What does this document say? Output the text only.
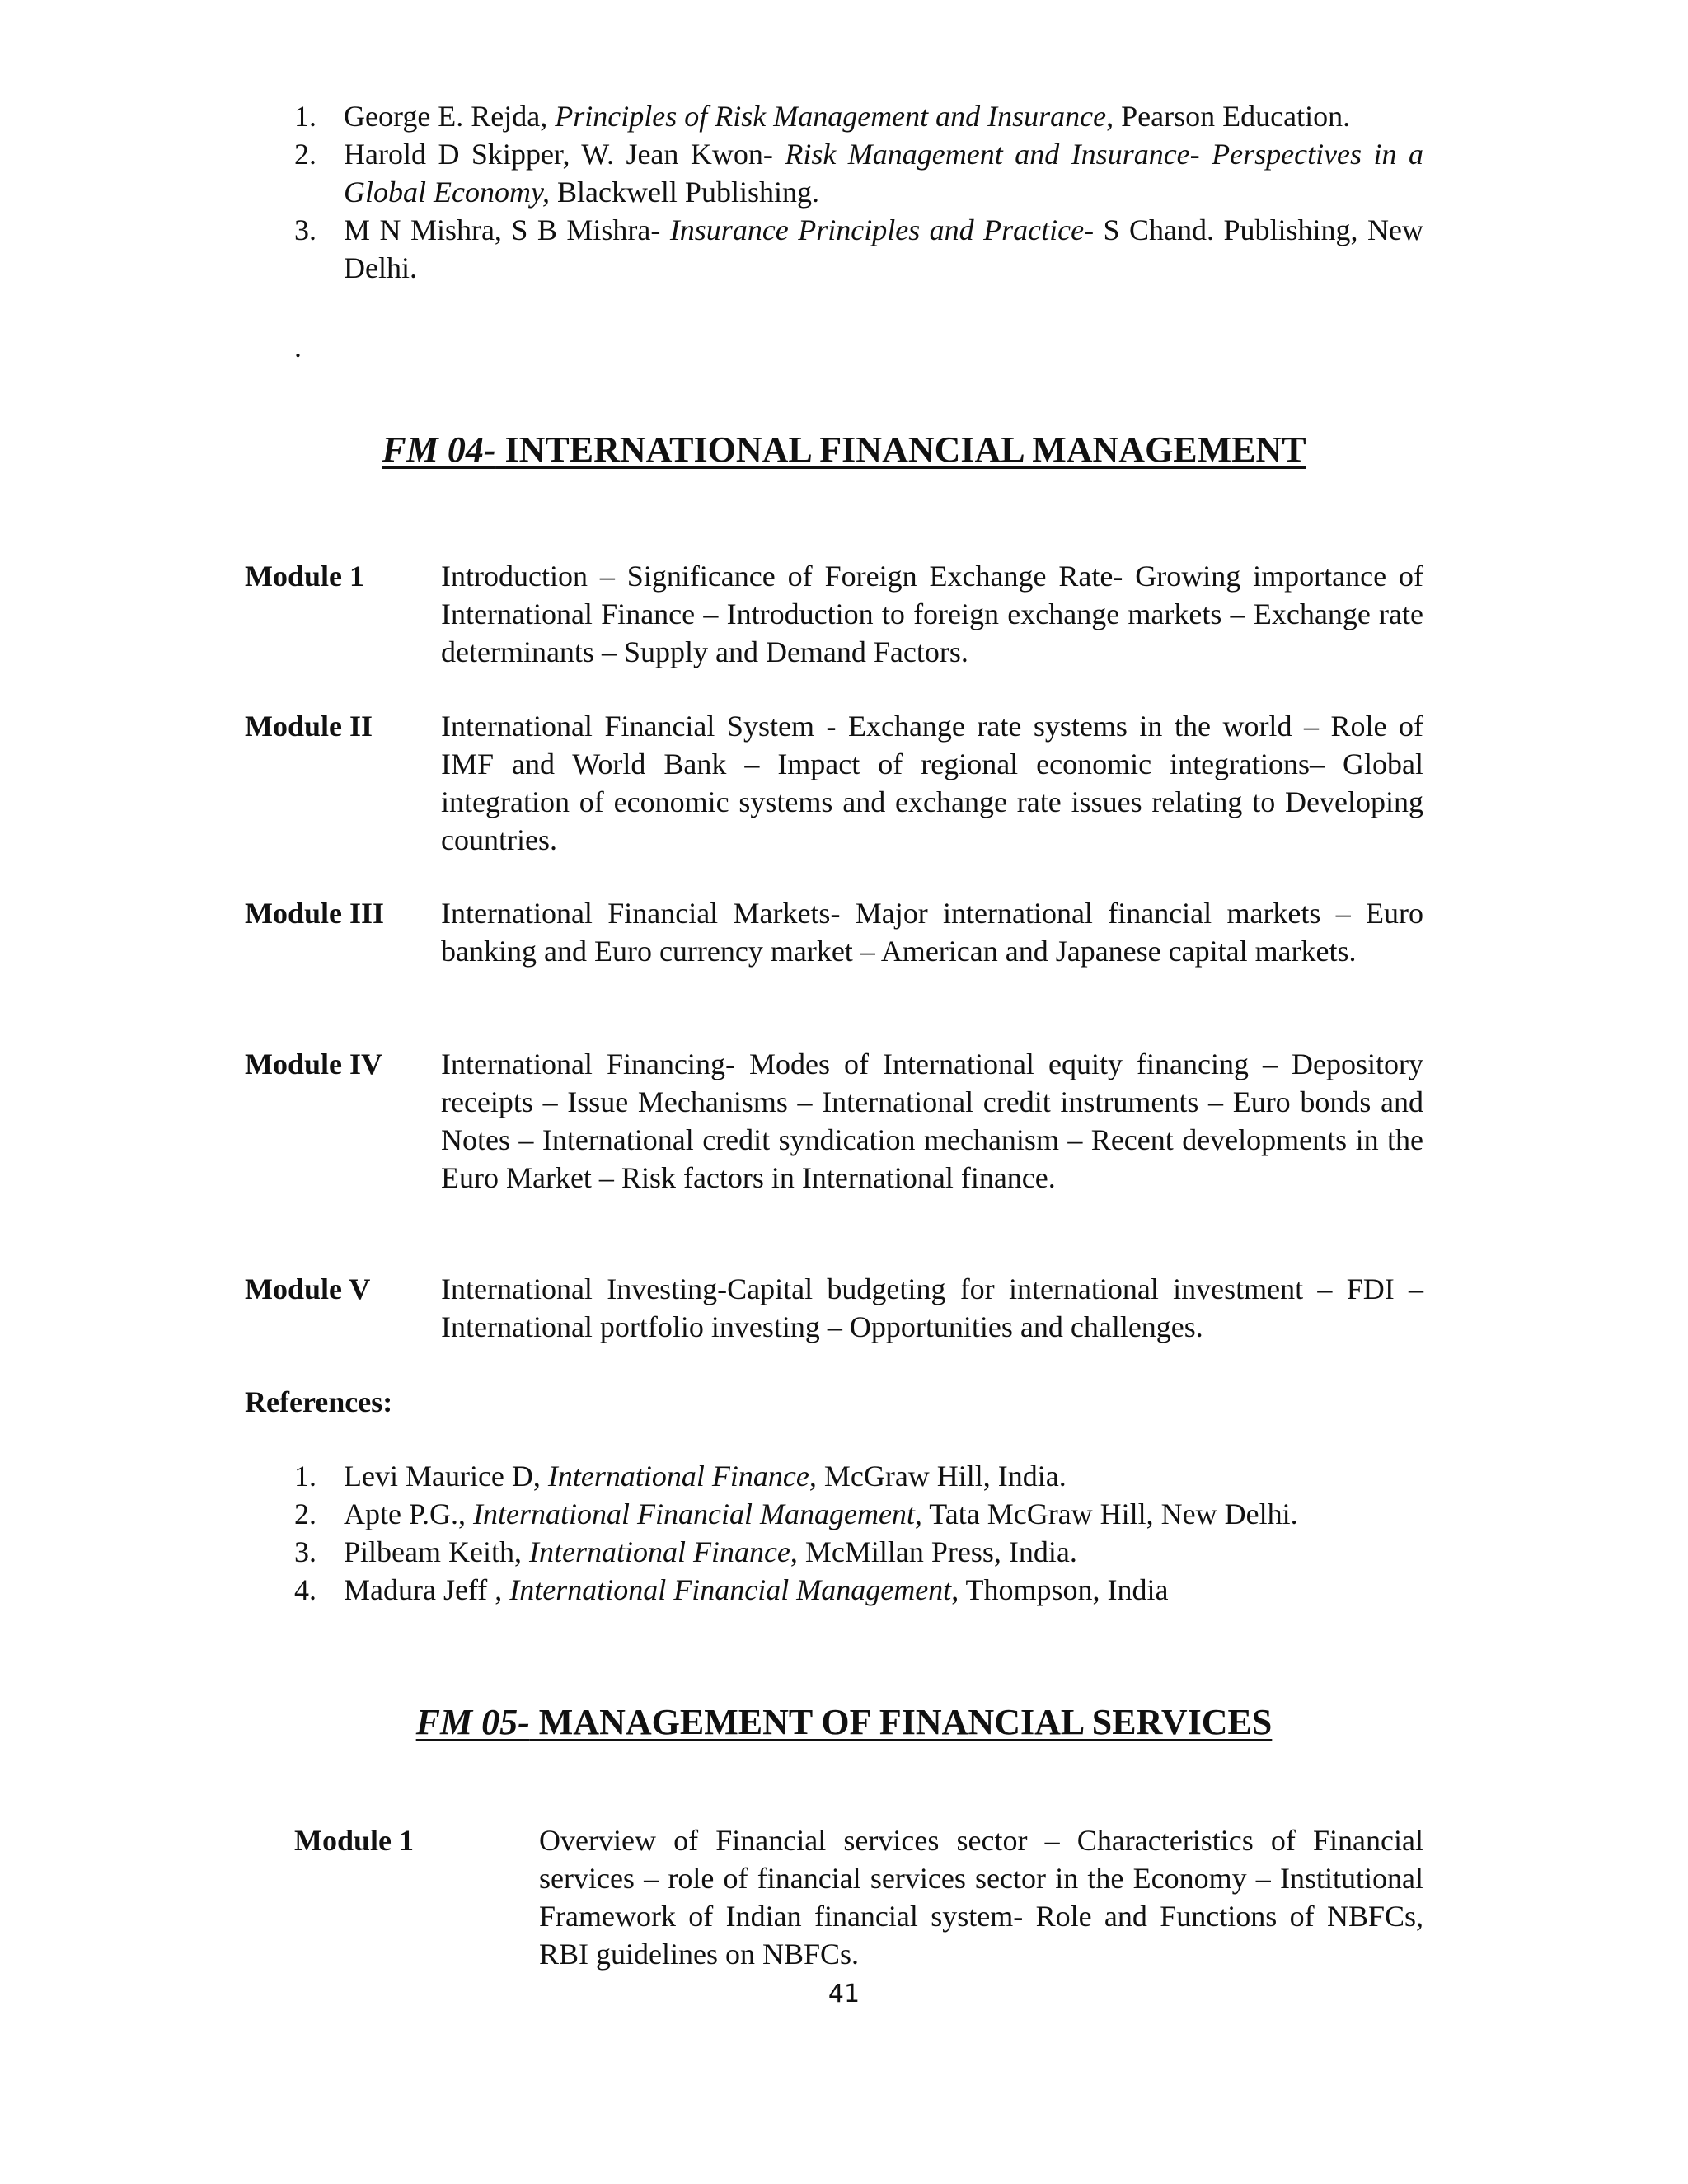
1. George E. Rejda, Principles of Risk Management and Insurance, Pearson Education.
2. Harold D Skipper, W. Jean Kwon- Risk Management and Insurance- Perspectives in a Global Economy, Blackwell Publishing.
3. M N Mishra, S B Mishra- Insurance Principles and Practice- S Chand. Publishing, New Delhi.
.
FM 04- INTERNATIONAL FINANCIAL MANAGEMENT
Module 1	Introduction – Significance of Foreign Exchange Rate- Growing importance of International Finance – Introduction to foreign exchange markets – Exchange rate determinants – Supply and Demand Factors.
Module II International Financial System - Exchange rate systems in the world – Role of IMF and World Bank – Impact of regional economic integrations– Global integration of economic systems and exchange rate issues relating to Developing countries.
Module III International Financial Markets- Major international financial markets – Euro banking and Euro currency market – American and Japanese capital markets.
Module IV International Financing- Modes of International equity financing – Depository receipts – Issue Mechanisms – International credit instruments – Euro bonds and Notes – International credit syndication mechanism – Recent developments in the Euro Market – Risk factors in International finance.
Module V International Investing-Capital budgeting for international investment – FDI – International portfolio investing – Opportunities and challenges.
References:
1. Levi Maurice D, International Finance, McGraw Hill, India.
2. Apte P.G., International Financial Management, Tata McGraw Hill, New Delhi.
3. Pilbeam Keith, International Finance, McMillan Press, India.
4. Madura Jeff , International Financial Management, Thompson, India
FM 05- MANAGEMENT OF FINANCIAL SERVICES
Module 1	Overview of Financial services sector – Characteristics of Financial services – role of financial services sector in the Economy – Institutional Framework of Indian financial system- Role and Functions of NBFCs, RBI guidelines on NBFCs.
41
